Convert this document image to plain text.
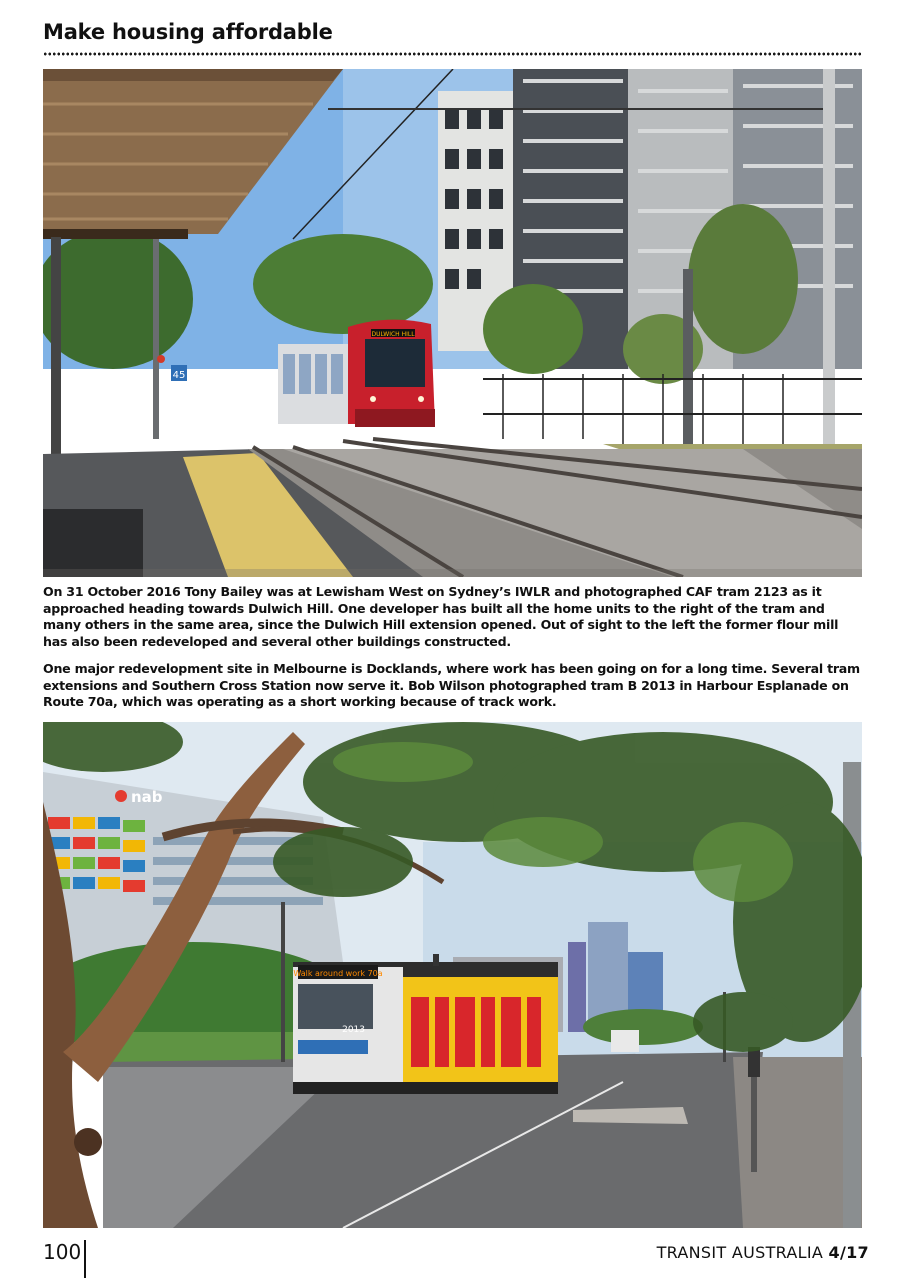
Make housing affordable
DULWICH HILL
45

On 31 October 2016 Tony Bailey was at Lewisham West on Sydney’s IWLR and photographed CAF tram 2123 as it approached heading towards Dulwich Hill. One developer has built all the home units to the right of the tram and many others in the same area, since the Dulwich Hill extension opened. Out of sight to the left the former flour mill has also been redeveloped and several other buildings constructed.

One major redevelopment site in Melbourne is Docklands, where work has been going on for a long time. Several tram extensions and Southern Cross Station now serve it. Bob Wilson photographed tram B 2013 in Harbour Esplanade on Route 70a, which was operating as a short working because of track work.

nab
Walk around work 70a
2013
100	TRANSIT AUSTRALIA 4/17
